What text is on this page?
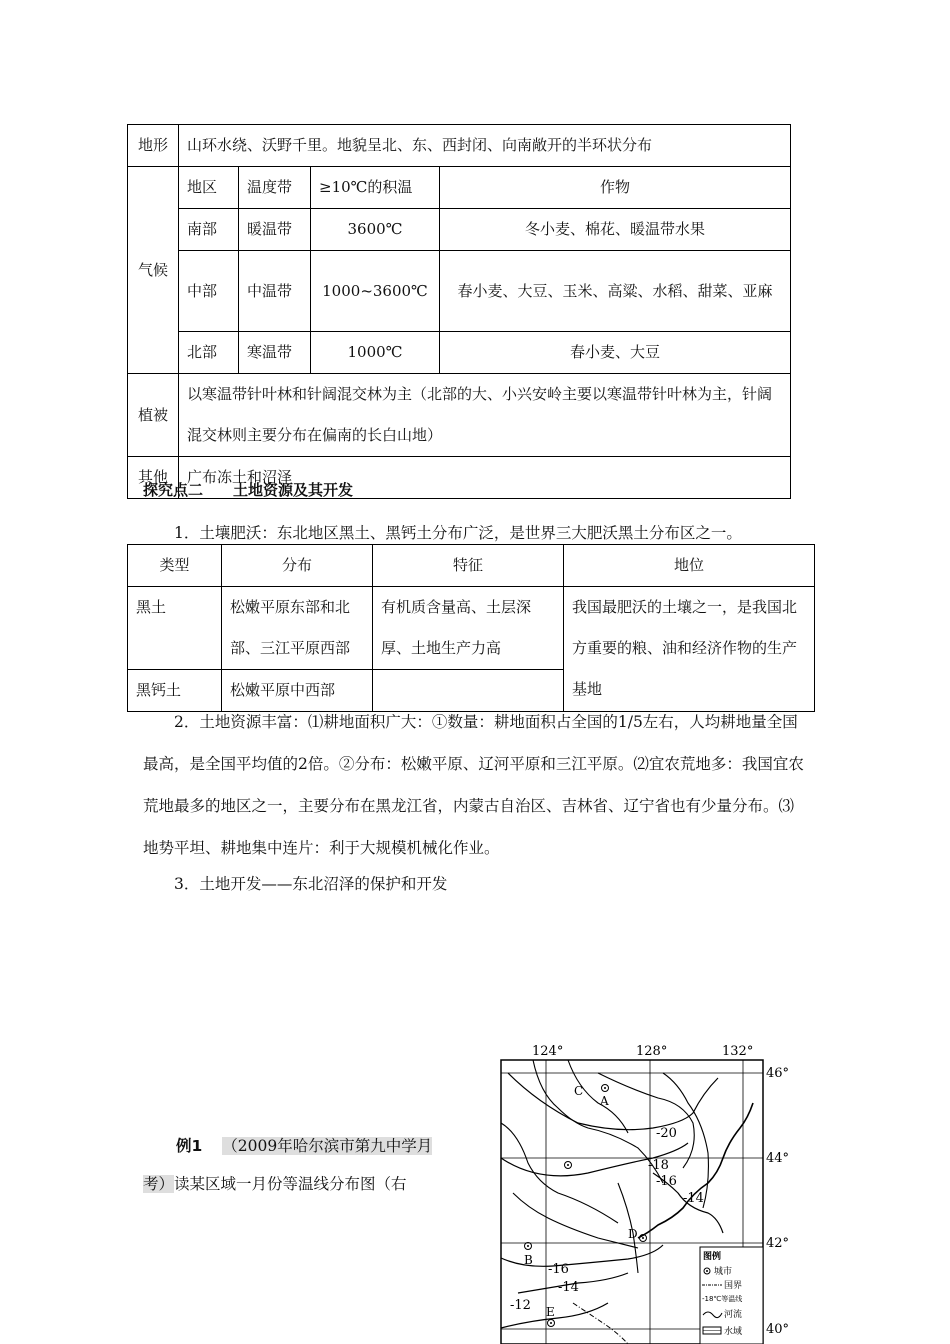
地形	山环水绕、沃野千里。地貌呈北、东、西封闭、向南敞开的半环状分布			
气候	地区	温度带	≥10℃的积温	作物
	南部	暖温带	3600℃	冬小麦、棉花、暖温带水果
	中部	中温带	1000~3600℃	春小麦、大豆、玉米、高粱、水稻、甜菜、亚麻
	北部	寒温带	1000℃	春小麦、大豆
植被	以寒温带针叶林和针阔混交林为主（北部的大、小兴安岭主要以寒温带针叶林为主，针阔混交林则主要分布在偏南的长白山地）			
其他	广布冻土和沼泽			
探究点二　　土地资源及其开发
1．土壤肥沃：东北地区黑土、黑钙土分布广泛，是世界三大肥沃黑土分布区之一。
类型	分布	特征	地位
黑土	松嫩平原东部和北部、三江平原西部	有机质含量高、土层深厚、土地生产力高	我国最肥沃的土壤之一，是我国北方重要的粮、油和经济作物的生产基地
黑钙土	松嫩平原中西部		
2．土地资源丰富：⑴耕地面积广大：①数量：耕地面积占全国的1/5左右，人均耕地量全国最高，是全国平均值的2倍。②分布：松嫩平原、辽河平原和三江平原。⑵宜农荒地多：我国宜农荒地最多的地区之一，主要分布在黑龙江省，内蒙古自治区、吉林省、辽宁省也有少量分布。⑶地势平坦、耕地集中连片：利于大规模机械化作业。
3．土地开发——东北沼泽的保护和开发
例1 （2009年哈尔滨市第九中学月
考）读某区域一月份等温线分布图（右
124°	128°	132°
46°
44°
42°
40°
-20
-18
-16
-14
-16
-14
-12
A
B
C
D
E
图例
城市
国界
-18℃等温线
河流
水域
